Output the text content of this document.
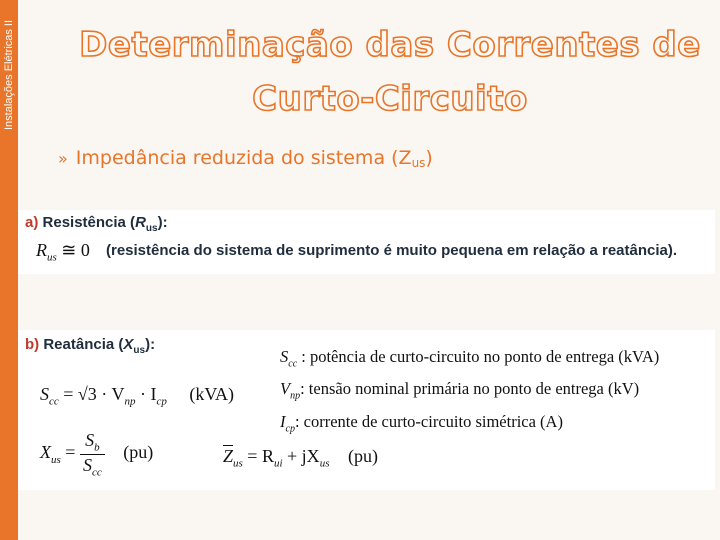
Instalações Elétricas II	Determinação das Correntes de
Curto-Circuito
» Impedância reduzida do sistema $(Z_{us})$
a) Resistência $(R_{us})$:
$R_{us}$ ≅ 0 (resistência do sistema de suprimento é muito pequena em relação a reatância).
b) Reatância $(X_{us})$:
$S_{cc} = √3 \cdot V_{np} \cdot I_{cp}$ (kVA)
$X_{us} = \frac{S_b}{S_{cc}} (pu)$	$\overline{Z}_{us} = R_{ui} + jX_{us}$ (pu)
$S_{cc}$ : potência de curto-circuito no ponto de entrega (kVA)
$V_{np}$: tensão nominal primária no ponto de entrega (kV)
$I_{cp}$: corrente de curto-circuito simétrica (A)
